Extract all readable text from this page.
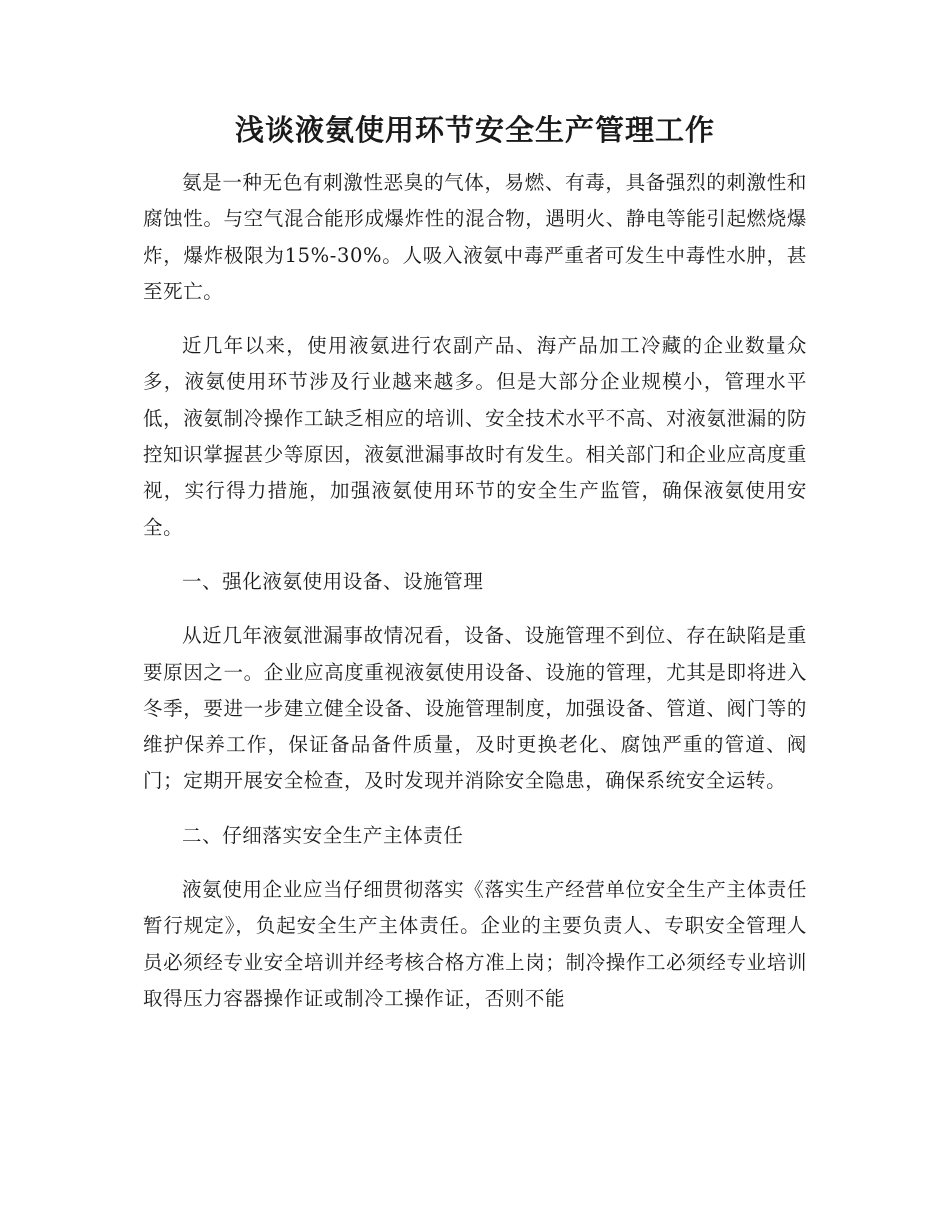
浅谈液氨使用环节安全生产管理工作

氨是一种无色有刺激性恶臭的气体，易燃、有毒，具备强烈的刺激性和腐蚀性。与空气混合能形成爆炸性的混合物，遇明火、静电等能引起燃烧爆炸，爆炸极限为15%-30%。人吸入液氨中毒严重者可发生中毒性水肿，甚至死亡。

近几年以来，使用液氨进行农副产品、海产品加工冷藏的企业数量众多，液氨使用环节涉及行业越来越多。但是大部分企业规模小，管理水平低，液氨制冷操作工缺乏相应的培训、安全技术水平不高、对液氨泄漏的防控知识掌握甚少等原因，液氨泄漏事故时有发生。相关部门和企业应高度重视，实行得力措施，加强液氨使用环节的安全生产监管，确保液氨使用安全。

一、强化液氨使用设备、设施管理

从近几年液氨泄漏事故情况看，设备、设施管理不到位、存在缺陷是重要原因之一。企业应高度重视液氨使用设备、设施的管理，尤其是即将进入冬季，要进一步建立健全设备、设施管理制度，加强设备、管道、阀门等的维护保养工作，保证备品备件质量，及时更换老化、腐蚀严重的管道、阀门；定期开展安全检查，及时发现并消除安全隐患，确保系统安全运转。

二、仔细落实安全生产主体责任

液氨使用企业应当仔细贯彻落实《落实生产经营单位安全生产主体责任暂行规定》，负起安全生产主体责任。企业的主要负责人、专职安全管理人员必须经专业安全培训并经考核合格方准上岗；制冷操作工必须经专业培训取得压力容器操作证或制冷工操作证，否则不能
